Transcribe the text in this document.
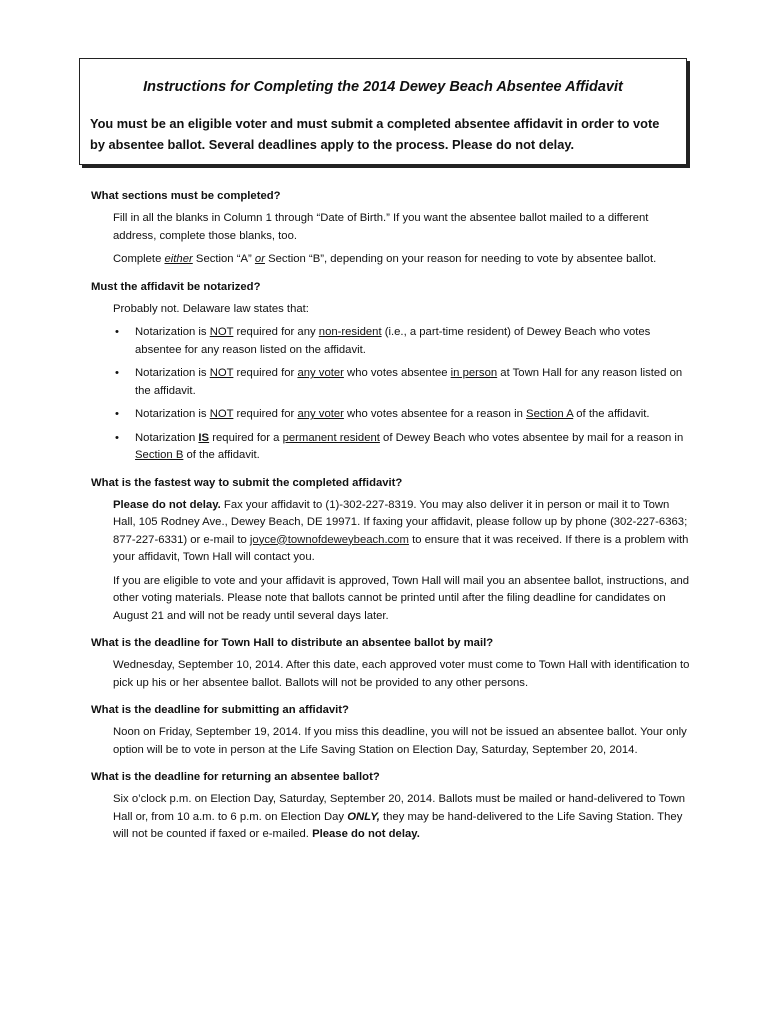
Instructions for Completing the 2014 Dewey Beach Absentee Affidavit

You must be an eligible voter and must submit a completed absentee affidavit in order to vote by absentee ballot. Several deadlines apply to the process. Please do not delay.

What sections must be completed?

Fill in all the blanks in Column 1 through “Date of Birth.” If you want the absentee ballot mailed to a different address, complete those blanks, too.

Complete either Section “A” or Section “B”, depending on your reason for needing to vote by absentee ballot.

Must the affidavit be notarized?

Probably not. Delaware law states that:

• Notarization is NOT required for any non-resident (i.e., a part-time resident) of Dewey Beach who votes absentee for any reason listed on the affidavit.
• Notarization is NOT required for any voter who votes absentee in person at Town Hall for any reason listed on the affidavit.
• Notarization is NOT required for any voter who votes absentee for a reason in Section A of the affidavit.
• Notarization IS required for a permanent resident of Dewey Beach who votes absentee by mail for a reason in Section B of the affidavit.
What is the fastest way to submit the completed affidavit?

Please do not delay. Fax your affidavit to (1)-302-227-8319. You may also deliver it in person or mail it to Town Hall, 105 Rodney Ave., Dewey Beach, DE 19971. If faxing your affidavit, please follow up by phone (302-227-6363; 877-227-6331) or e-mail to joyce@townofdeweybeach.com to ensure that it was received. If there is a problem with your affidavit, Town Hall will contact you.

If you are eligible to vote and your affidavit is approved, Town Hall will mail you an absentee ballot, instructions, and other voting materials. Please note that ballots cannot be printed until after the filing deadline for candidates on August 21 and will not be ready until several days later.

What is the deadline for Town Hall to distribute an absentee ballot by mail?

Wednesday, September 10, 2014. After this date, each approved voter must come to Town Hall with identification to pick up his or her absentee ballot. Ballots will not be provided to any other persons.

What is the deadline for submitting an affidavit?

Noon on Friday, September 19, 2014. If you miss this deadline, you will not be issued an absentee ballot. Your only option will be to vote in person at the Life Saving Station on Election Day, Saturday, September 20, 2014.

What is the deadline for returning an absentee ballot?

Six o’clock p.m. on Election Day, Saturday, September 20, 2014. Ballots must be mailed or hand-delivered to Town Hall or, from 10 a.m. to 6 p.m. on Election Day ONLY, they may be hand-delivered to the Life Saving Station. They will not be counted if faxed or e-mailed. Please do not delay.
